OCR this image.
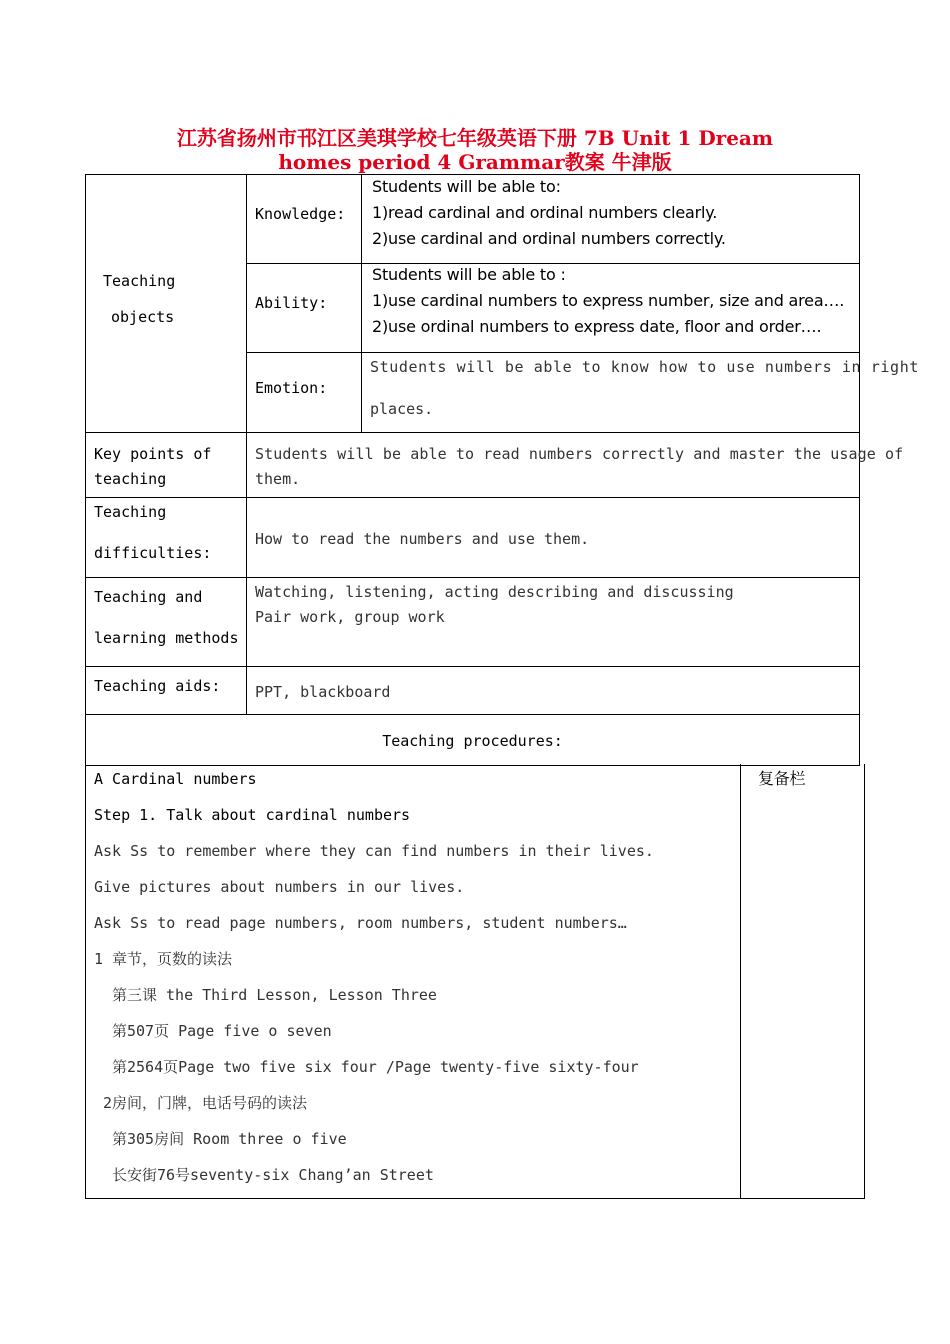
江苏省扬州市邗江区美琪学校七年级英语下册 7B Unit 1 Dream
homes period 4 Grammar教案 牛津版
Teaching
objects
Knowledge:
Students will be able to:
1)read cardinal and ordinal numbers clearly.
2)use cardinal and ordinal numbers correctly.
Ability:
Students will be able to :
1)use cardinal numbers to express number, size and area….
2)use ordinal numbers to express date, floor and order….
Emotion:
Students will be able to know how to use numbers in right
places.
Key points of
teaching
Students will be able to read numbers correctly and master the usage of
them.
Teaching
difficulties:
How to read the numbers and use them.
Teaching and
learning methods
Watching, listening, acting describing and discussing
Pair work, group work
Teaching aids: PPT, blackboard
Teaching procedures:
复备栏
A Cardinal numbers
Step 1. Talk about cardinal numbers
Ask Ss to remember where they can find numbers in their lives.
Give pictures about numbers in our lives.
Ask Ss to read page numbers, room numbers, student numbers…
1 章节，页数的读法
第三课 the Third Lesson, Lesson Three
第507页 Page five o seven
第2564页Page two five six four /Page twenty-five sixty-four
2房间，门牌，电话号码的读法
第305房间 Room three o five
长安街76号seventy-six Chang’an Street
